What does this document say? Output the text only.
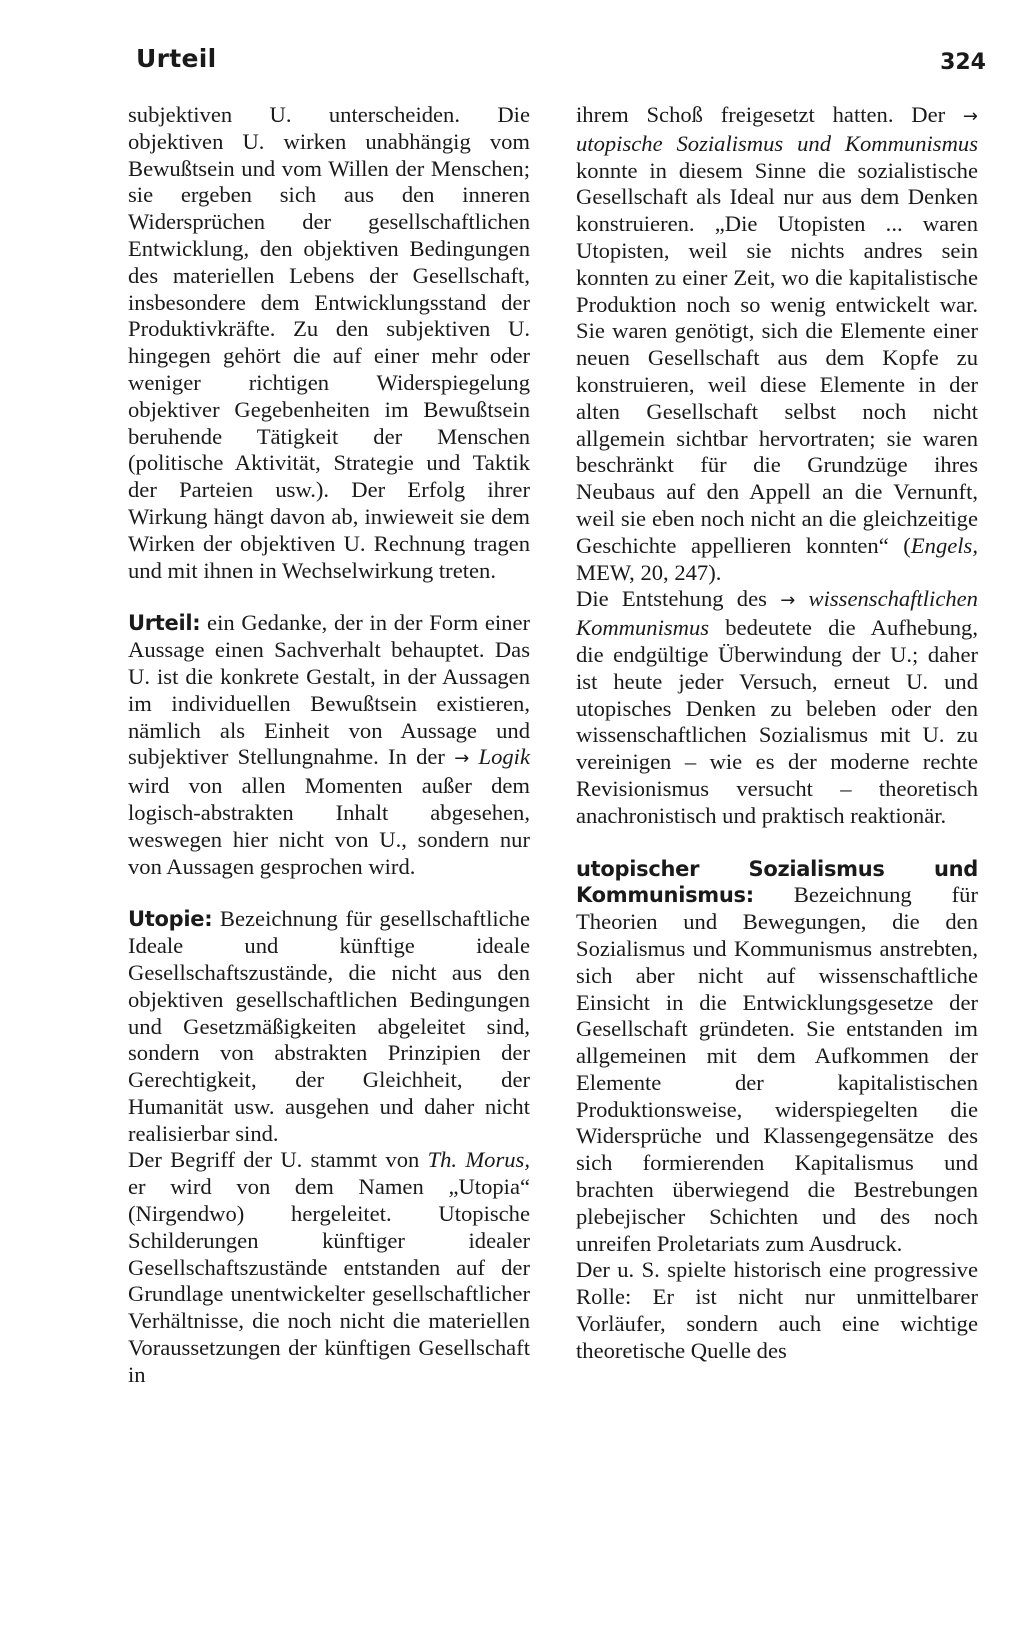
Urteil	324

subjektiven U. unterscheiden. Die objektiven U. wirken unabhängig vom Bewußtsein und vom Willen der Menschen; sie ergeben sich aus den inneren Widersprüchen der gesellschaftlichen Entwicklung, den objektiven Bedingungen des materiellen Lebens der Gesellschaft, insbesondere dem Entwicklungsstand der Produktivkräfte. Zu den subjektiven U. hingegen gehört die auf einer mehr oder weniger richtigen Widerspiegelung objektiver Gegebenheiten im Bewußtsein beruhende Tätigkeit der Menschen (politische Aktivität, Strategie und Taktik der Parteien usw.). Der Erfolg ihrer Wirkung hängt davon ab, inwieweit sie dem Wirken der objektiven U. Rechnung tragen und mit ihnen in Wechselwirkung treten.

Urteil: ein Gedanke, der in der Form einer Aussage einen Sachverhalt behauptet. Das U. ist die konkrete Gestalt, in der Aussagen im individuellen Bewußtsein existieren, nämlich als Einheit von Aussage und subjektiver Stellungnahme. In der → Logik wird von allen Momenten außer dem logisch-abstrakten Inhalt abgesehen, weswegen hier nicht von U., sondern nur von Aussagen gesprochen wird.

Utopie: Bezeichnung für gesellschaftliche Ideale und künftige ideale Gesellschaftszustände, die nicht aus den objektiven gesellschaftlichen Bedingungen und Gesetzmäßigkeiten abgeleitet sind, sondern von abstrakten Prinzipien der Gerechtigkeit, der Gleichheit, der Humanität usw. ausgehen und daher nicht realisierbar sind.

Der Begriff der U. stammt von Th. Morus, er wird von dem Namen „Utopia“ (Nirgendwo) hergeleitet. Utopische Schilderungen künftiger idealer Gesellschaftszustände entstanden auf der Grundlage unentwickelter gesellschaftlicher Verhältnisse, die noch nicht die materiellen Voraussetzungen der künftigen Gesellschaft in

ihrem Schoß freigesetzt hatten. Der → utopische Sozialismus und Kommunismus konnte in diesem Sinne die sozialistische Gesellschaft als Ideal nur aus dem Denken konstruieren. „Die Utopisten ... waren Utopisten, weil sie nichts andres sein konnten zu einer Zeit, wo die kapitalistische Produktion noch so wenig entwickelt war. Sie waren genötigt, sich die Elemente einer neuen Gesellschaft aus dem Kopfe zu konstruieren, weil diese Elemente in der alten Gesellschaft selbst noch nicht allgemein sichtbar hervortraten; sie waren beschränkt für die Grundzüge ihres Neubaus auf den Appell an die Vernunft, weil sie eben noch nicht an die gleichzeitige Geschichte appellieren konnten“ (Engels, MEW, 20, 247).

Die Entstehung des → wissenschaftlichen Kommunismus bedeutete die Aufhebung, die endgültige Überwindung der U.; daher ist heute jeder Versuch, erneut U. und utopisches Denken zu beleben oder den wissenschaftlichen Sozialismus mit U. zu vereinigen – wie es der moderne rechte Revisionismus versucht – theoretisch anachronistisch und praktisch reaktionär.

utopischer Sozialismus und Kommunismus: Bezeichnung für Theorien und Bewegungen, die den Sozialismus und Kommunismus anstrebten, sich aber nicht auf wissenschaftliche Einsicht in die Entwicklungsgesetze der Gesellschaft gründeten. Sie entstanden im allgemeinen mit dem Aufkommen der Elemente der kapitalistischen Produktionsweise, widerspiegelten die Widersprüche und Klassengegensätze des sich formierenden Kapitalismus und brachten überwiegend die Bestrebungen plebejischer Schichten und des noch unreifen Proletariats zum Ausdruck.

Der u. S. spielte historisch eine progressive Rolle: Er ist nicht nur unmittelbarer Vorläufer, sondern auch eine wichtige theoretische Quelle des
